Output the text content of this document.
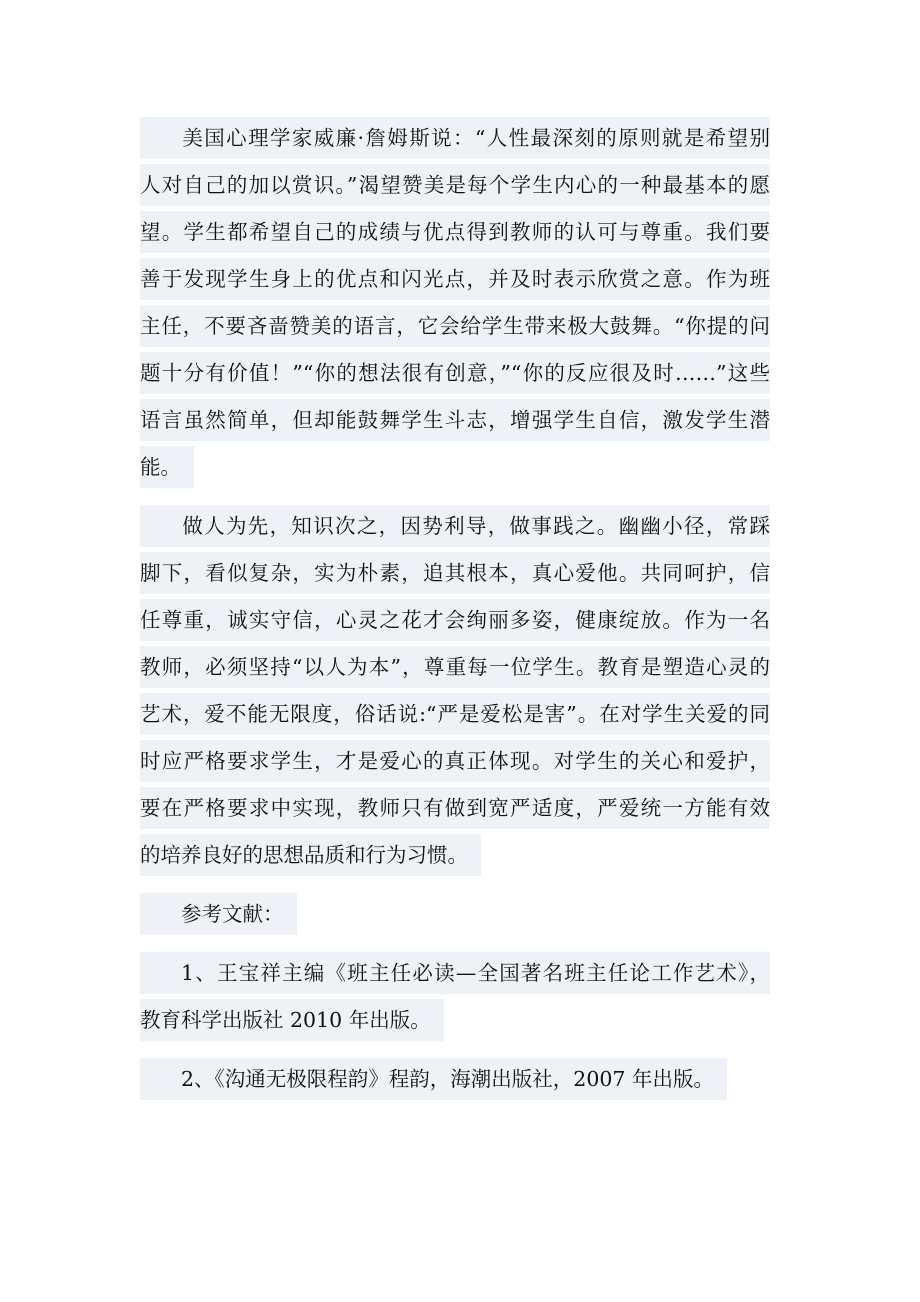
美国心理学家威廉·詹姆斯说：“人性最深刻的原则就是希望别
人对自己的加以赏识。”渴望赞美是每个学生内心的一种最基本的愿
望。学生都希望自己的成绩与优点得到教师的认可与尊重。我们要
善于发现学生身上的优点和闪光点，并及时表示欣赏之意。作为班
主任，不要吝啬赞美的语言，它会给学生带来极大鼓舞。“你提的问
题十分有价值！”“你的想法很有创意，”“你的反应很及时……”这些
语言虽然简单，但却能鼓舞学生斗志，增强学生自信，激发学生潜
能。
做人为先，知识次之，因势利导，做事践之。幽幽小径，常踩
脚下，看似复杂，实为朴素，追其根本，真心爱他。共同呵护，信
任尊重，诚实守信，心灵之花才会绚丽多姿，健康绽放。作为一名
教师，必须坚持“以人为本”，尊重每一位学生。教育是塑造心灵的
艺术，爱不能无限度，俗话说:“严是爱松是害”。在对学生关爱的同
时应严格要求学生，才是爱心的真正体现。对学生的关心和爱护，
要在严格要求中实现，教师只有做到宽严适度，严爱统一方能有效
的培养良好的思想品质和行为习惯。
参考文献：
1、王宝祥主编《班主任必读—全国著名班主任论工作艺术》，
教育科学出版社 2010 年出版。
2、《沟通无极限程韵》程韵，海潮出版社，2007 年出版。
